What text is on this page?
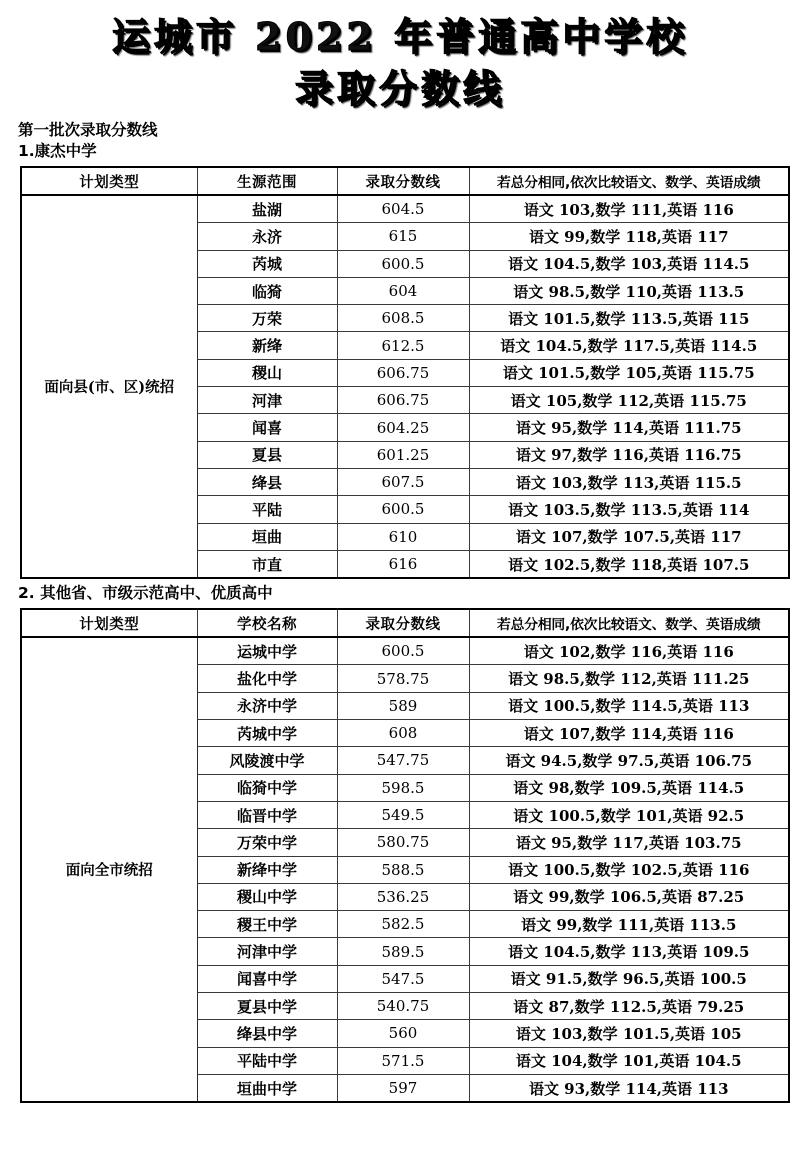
运城市 2022 年普通高中学校
录取分数线
第一批次录取分数线
1.康杰中学
计划类型	生源范围	录取分数线	若总分相同,依次比较语文、数学、英语成绩
面向县(市、区)统招	盐湖	604.5	语文 103,数学 111,英语 116
	永济	615	语文 99,数学 118,英语 117
	芮城	600.5	语文 104.5,数学 103,英语 114.5
	临猗	604	语文 98.5,数学 110,英语 113.5
	万荣	608.5	语文 101.5,数学 113.5,英语 115
	新绛	612.5	语文 104.5,数学 117.5,英语 114.5
	稷山	606.75	语文 101.5,数学 105,英语 115.75
	河津	606.75	语文 105,数学 112,英语 115.75
	闻喜	604.25	语文 95,数学 114,英语 111.75
	夏县	601.25	语文 97,数学 116,英语 116.75
	绛县	607.5	语文 103,数学 113,英语 115.5
	平陆	600.5	语文 103.5,数学 113.5,英语 114
	垣曲	610	语文 107,数学 107.5,英语 117
	市直	616	语文 102.5,数学 118,英语 107.5
2. 其他省、市级示范高中、优质高中
计划类型	学校名称	录取分数线	若总分相同,依次比较语文、数学、英语成绩
面向全市统招	运城中学	600.5	语文 102,数学 116,英语 116
	盐化中学	578.75	语文 98.5,数学 112,英语 111.25
	永济中学	589	语文 100.5,数学 114.5,英语 113
	芮城中学	608	语文 107,数学 114,英语 116
	风陵渡中学	547.75	语文 94.5,数学 97.5,英语 106.75
	临猗中学	598.5	语文 98,数学 109.5,英语 114.5
	临晋中学	549.5	语文 100.5,数学 101,英语 92.5
	万荣中学	580.75	语文 95,数学 117,英语 103.75
	新绛中学	588.5	语文 100.5,数学 102.5,英语 116
	稷山中学	536.25	语文 99,数学 106.5,英语 87.25
	稷王中学	582.5	语文 99,数学 111,英语 113.5
	河津中学	589.5	语文 104.5,数学 113,英语 109.5
	闻喜中学	547.5	语文 91.5,数学 96.5,英语 100.5
	夏县中学	540.75	语文 87,数学 112.5,英语 79.25
	绛县中学	560	语文 103,数学 101.5,英语 105
	平陆中学	571.5	语文 104,数学 101,英语 104.5
	垣曲中学	597	语文 93,数学 114,英语 113
